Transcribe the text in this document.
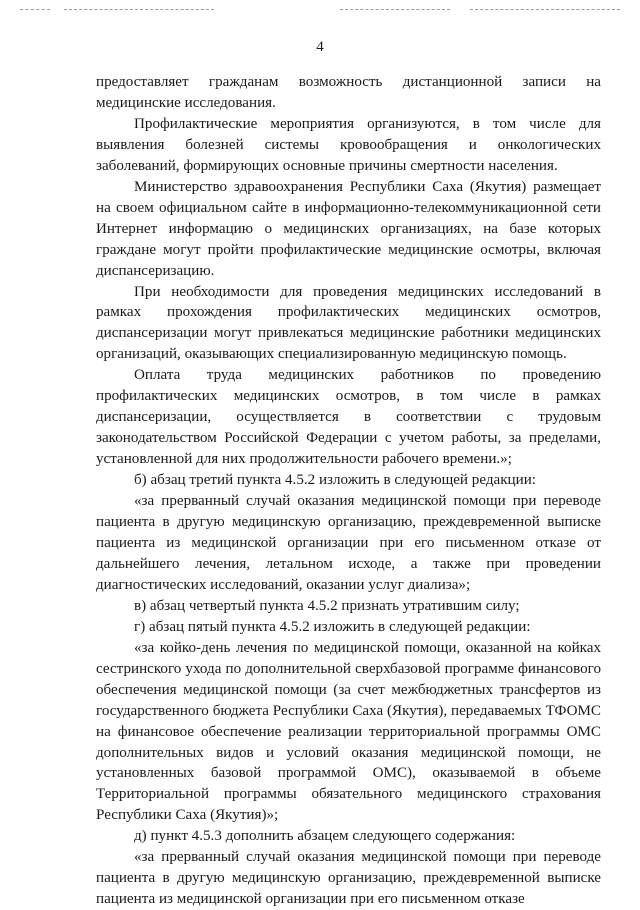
4

предоставляет гражданам возможность дистанционной записи на медицинские исследования.

Профилактические мероприятия организуются, в том числе для выявления болезней системы кровообращения и онкологических заболеваний, формирующих основные причины смертности населения.

Министерство здравоохранения Республики Саха (Якутия) размещает на своем официальном сайте в информационно-телекоммуникационной сети Интернет информацию о медицинских организациях, на базе которых граждане могут пройти профилактические медицинские осмотры, включая диспансеризацию.

При необходимости для проведения медицинских исследований в рамках прохождения профилактических медицинских осмотров, диспансеризации могут привлекаться медицинские работники медицинских организаций, оказывающих специализированную медицинскую помощь.

Оплата труда медицинских работников по проведению профилактических медицинских осмотров, в том числе в рамках диспансеризации, осуществляется в соответствии с трудовым законодательством Российской Федерации с учетом работы, за пределами, установленной для них продолжительности рабочего времени.»;

б) абзац третий пункта 4.5.2 изложить в следующей редакции:

«за прерванный случай оказания медицинской помощи при переводе пациента в другую медицинскую организацию, преждевременной выписке пациента из медицинской организации при его письменном отказе от дальнейшего лечения, летальном исходе, а также при проведении диагностических исследований, оказании услуг диализа»;

в) абзац четвертый пункта 4.5.2 признать утратившим силу;

г) абзац пятый пункта 4.5.2 изложить в следующей редакции:

«за койко-день лечения по медицинской помощи, оказанной на койках сестринского ухода по дополнительной сверхбазовой программе финансового обеспечения медицинской помощи (за счет межбюджетных трансфертов из государственного бюджета Республики Саха (Якутия), передаваемых ТФОМС на финансовое обеспечение реализации территориальной программы ОМС дополнительных видов и условий оказания медицинской помощи, не установленных базовой программой ОМС), оказываемой в объеме Территориальной программы обязательного медицинского страхования Республики Саха (Якутия)»;

д) пункт 4.5.3 дополнить абзацем следующего содержания:

«за прерванный случай оказания медицинской помощи при переводе пациента в другую медицинскую организацию, преждевременной выписке пациента из медицинской организации при его письменном отказе
